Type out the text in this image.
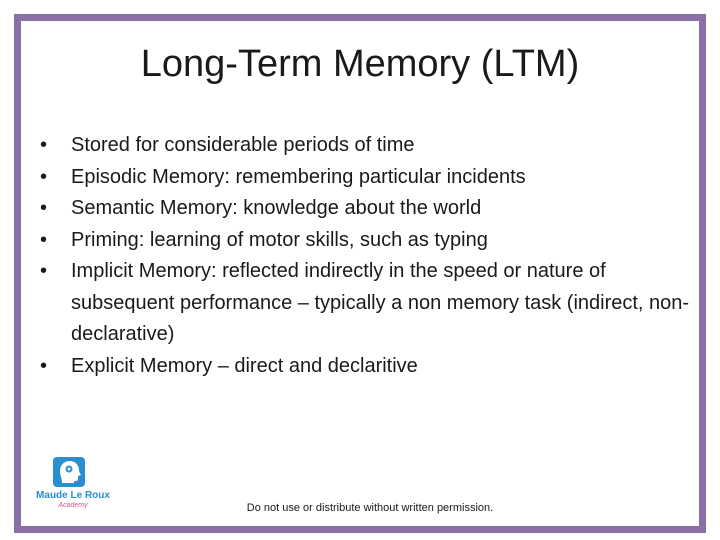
Long-Term Memory (LTM)
•	Stored for considerable periods of time
•	Episodic Memory: remembering particular incidents
•	Semantic Memory: knowledge about the world
•	Priming: learning of motor skills, such as typing
•	Implicit Memory: reflected indirectly in the speed or nature of subsequent performance – typically a non memory task (indirect, non-declarative)
•	Explicit Memory – direct and declaritive
Maude Le Roux
Academy	Do not use or distribute without written permission.
